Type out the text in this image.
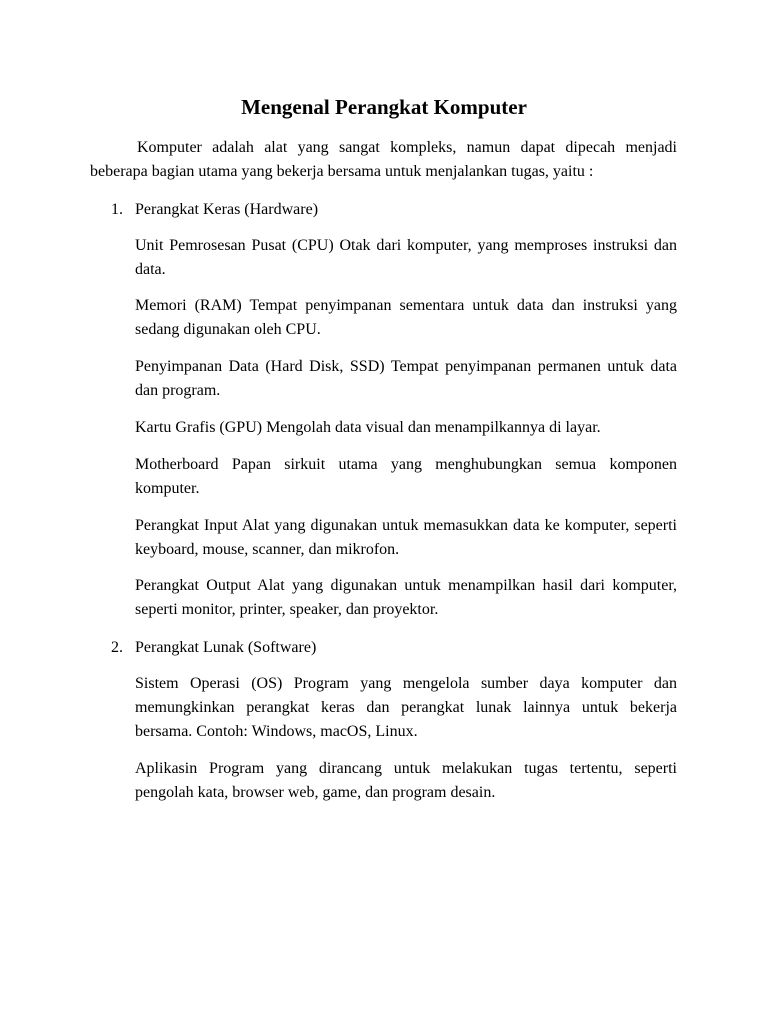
Mengenal Perangkat Komputer

Komputer adalah alat yang sangat kompleks, namun dapat dipecah menjadi beberapa bagian utama yang bekerja bersama untuk menjalankan tugas, yaitu :

1. Perangkat Keras (Hardware)

Unit Pemrosesan Pusat (CPU) Otak dari komputer, yang memproses instruksi dan data.

Memori (RAM) Tempat penyimpanan sementara untuk data dan instruksi yang sedang digunakan oleh CPU.

Penyimpanan Data (Hard Disk, SSD) Tempat penyimpanan permanen untuk data dan program.

Kartu Grafis (GPU) Mengolah data visual dan menampilkannya di layar.

Motherboard Papan sirkuit utama yang menghubungkan semua komponen komputer.

Perangkat Input Alat yang digunakan untuk memasukkan data ke komputer, seperti keyboard, mouse, scanner, dan mikrofon.

Perangkat Output Alat yang digunakan untuk menampilkan hasil dari komputer, seperti monitor, printer, speaker, dan proyektor.

2. Perangkat Lunak (Software)

Sistem Operasi (OS) Program yang mengelola sumber daya komputer dan memungkinkan perangkat keras dan perangkat lunak lainnya untuk bekerja bersama. Contoh: Windows, macOS, Linux.

Aplikasin Program yang dirancang untuk melakukan tugas tertentu, seperti pengolah kata, browser web, game, dan program desain.
